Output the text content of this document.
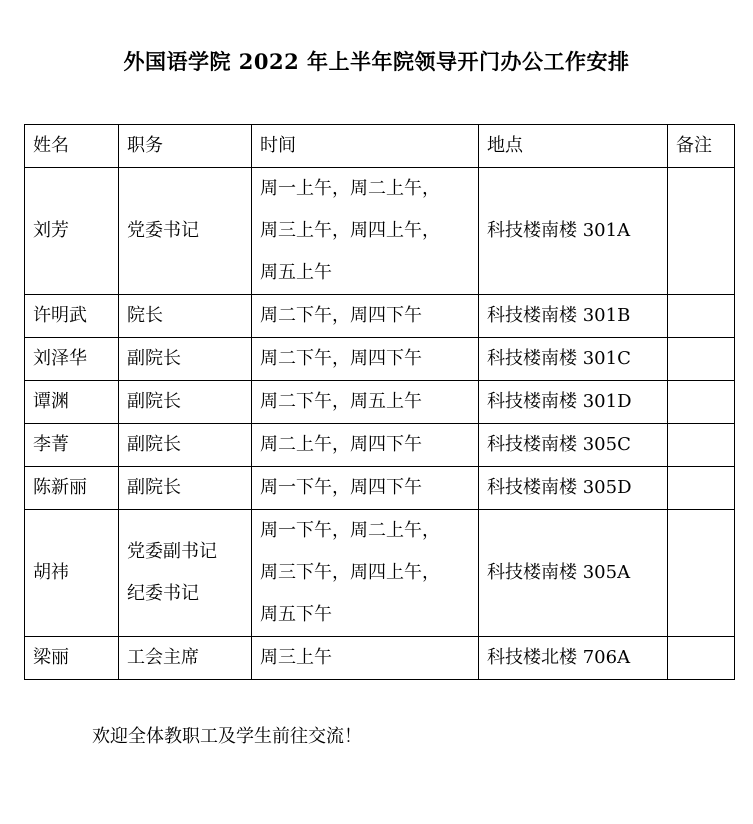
外国语学院 2022 年上半年院领导开门办公工作安排
姓名	职务	时间	地点	备注
刘芳	党委书记	周一上午，周二上午，
周三上午，周四上午，
周五上午	科技楼南楼 301A	
许明武	院长	周二下午，周四下午	科技楼南楼 301B	
刘泽华	副院长	周二下午，周四下午	科技楼南楼 301C	
谭渊	副院长	周二下午，周五上午	科技楼南楼 301D	
李菁	副院长	周二上午，周四下午	科技楼南楼 305C	
陈新丽	副院长	周一下午，周四下午	科技楼南楼 305D	
胡祎	党委副书记
纪委书记	周一下午，周二上午，
周三下午，周四上午，
周五下午	科技楼南楼 305A	
梁丽	工会主席	周三上午	科技楼北楼 706A	
欢迎全体教职工及学生前往交流！
